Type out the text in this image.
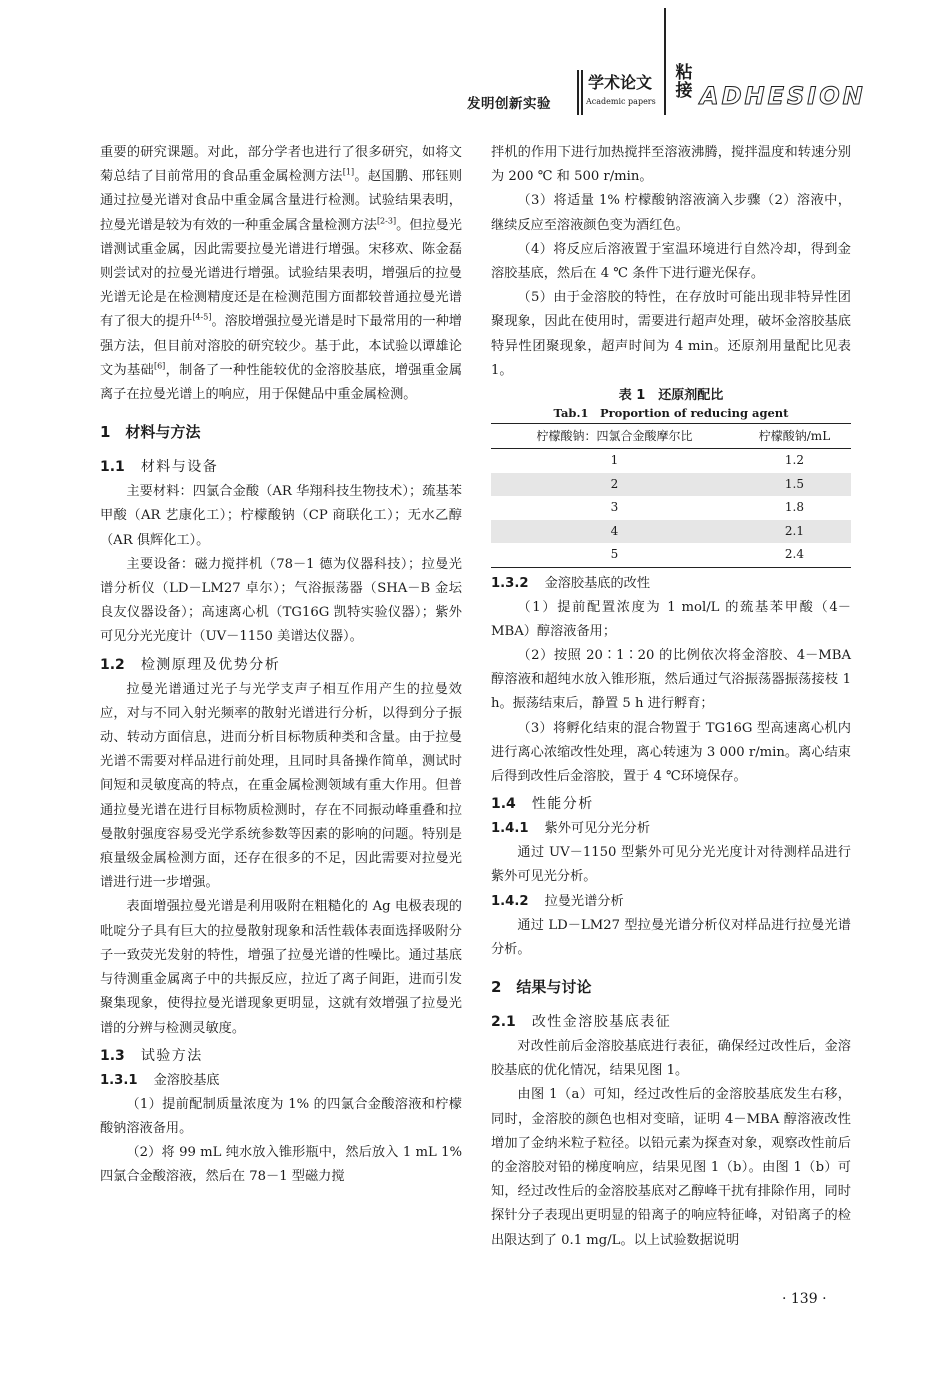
发明创新实验
学术论文
Academic papers
粘接 ADHESION

重要的研究课题。对此，部分学者也进行了很多研究，如将文菊总结了目前常用的食品重金属检测方法[1]。赵国鹏、邢钰则通过拉曼光谱对食品中重金属含量进行检测。试验结果表明，拉曼光谱是较为有效的一种重金属含量检测方法[2-3]。但拉曼光谱测试重金属，因此需要拉曼光谱进行增强。宋移欢、陈金磊则尝试对的拉曼光谱进行增强。试验结果表明，增强后的拉曼光谱无论是在检测精度还是在检测范围方面都较普通拉曼光谱有了很大的提升[4-5]。溶胶增强拉曼光谱是时下最常用的一种增强方法，但目前对溶胶的研究较少。基于此，本试验以谭雄论文为基础[6]，制备了一种性能较优的金溶胶基底，增强重金属离子在拉曼光谱上的响应，用于保健品中重金属检测。

1　材料与方法
1.1 材料与设备

主要材料：四氯合金酸（AR 华翔科技生物技术）；巯基苯甲酸（AR 艺康化工）；柠檬酸钠（CP 商联化工）；无水乙醇（AR 俱辉化工）。

主要设备：磁力搅拌机（78－1 德为仪器科技）；拉曼光谱分析仪（LD－LM27 卓尔）；气浴振荡器（SHA－B 金坛良友仪器设备）；高速离心机（TG16G 凯特实验仪器）；紫外可见分光光度计（UV－1150 美谱达仪器）。

1.2 检测原理及优势分析

拉曼光谱通过光子与光学支声子相互作用产生的拉曼效应，对与不同入射光频率的散射光谱进行分析，以得到分子振动、转动方面信息，进而分析目标物质种类和含量。由于拉曼光谱不需要对样品进行前处理，且同时具备操作简单，测试时间短和灵敏度高的特点，在重金属检测领域有重大作用。但普通拉曼光谱在进行目标物质检测时，存在不同振动峰重叠和拉曼散射强度容易受光学系统参数等因素的影响的问题。特别是痕量级金属检测方面，还存在很多的不足，因此需要对拉曼光谱进行进一步增强。

表面增强拉曼光谱是利用吸附在粗糙化的 Ag 电极表现的吡啶分子具有巨大的拉曼散射现象和活性载体表面选择吸附分子一致荧光发射的特性，增强了拉曼光谱的性噪比。通过基底与待测重金属离子中的共振反应，拉近了离子间距，进而引发聚集现象，使得拉曼光谱现象更明显，这就有效增强了拉曼光谱的分辨与检测灵敏度。

1.3 试验方法
1.3.1 金溶胶基底

（1）提前配制质量浓度为 1% 的四氯合金酸溶液和柠檬酸钠溶液备用。

（2）将 99 mL 纯水放入锥形瓶中，然后放入 1 mL 1% 四氯合金酸溶液，然后在 78－1 型磁力搅

拌机的作用下进行加热搅拌至溶液沸腾，搅拌温度和转速分别为 200 ℃ 和 500 r/min。

（3）将适量 1% 柠檬酸钠溶液滴入步骤（2）溶液中，继续反应至溶液颜色变为酒红色。

（4）将反应后溶液置于室温环境进行自然冷却，得到金溶胶基底，然后在 4 ℃ 条件下进行避光保存。

（5）由于金溶胶的特性，在存放时可能出现非特异性团聚现象，因此在使用时，需要进行超声处理，破坏金溶胶基底特异性团聚现象，超声时间为 4 min。还原剂用量配比见表 1。

表 1　还原剂配比
Tab.1　Proportion of reducing agent
柠檬酸钠：四氯合金酸摩尔比	柠檬酸钠/mL
1	1.2
2	1.5
3	1.8
4	2.1
5	2.4
1.3.2 金溶胶基底的改性

（1）提前配置浓度为 1 mol/L 的巯基苯甲酸（4－MBA）醇溶液备用；

（2）按照 20∶1∶20 的比例依次将金溶胶、4－MBA 醇溶液和超纯水放入锥形瓶，然后通过气浴振荡器振荡接枝 1 h。振荡结束后，静置 5 h 进行孵育；

（3）将孵化结束的混合物置于 TG16G 型高速离心机内进行离心浓缩改性处理，离心转速为 3 000 r/min。离心结束后得到改性后金溶胶，置于 4 ℃环境保存。

1.4 性能分析
1.4.1 紫外可见分光分析

通过 UV－1150 型紫外可见分光光度计对待测样品进行紫外可见光分析。

1.4.2 拉曼光谱分析

通过 LD－LM27 型拉曼光谱分析仪对样品进行拉曼光谱分析。

2　结果与讨论
2.1 改性金溶胶基底表征

对改性前后金溶胶基底进行表征，确保经过改性后，金溶胶基底的优化情况，结果见图 1。

由图 1（a）可知，经过改性后的金溶胶基底发生右移，同时，金溶胶的颜色也相对变暗，证明 4－MBA 醇溶液改性增加了金纳米粒子粒径。以铅元素为探查对象，观察改性前后的金溶胶对铅的梯度响应，结果见图 1（b）。由图 1（b）可知，经过改性后的金溶胶基底对乙醇峰干扰有排除作用，同时探针分子表现出更明显的铅离子的响应特征峰，对铅离子的检出限达到了 0.1 mg/L。以上试验数据说明

· 139 ·
